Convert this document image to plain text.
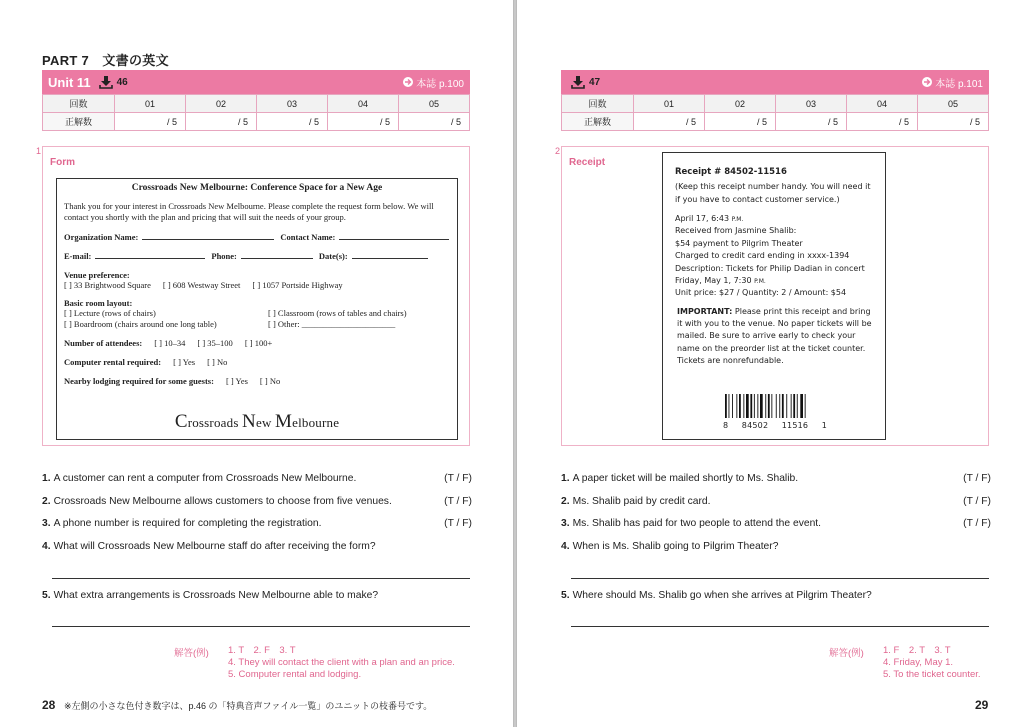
PART 7　文書の英文
Unit 11	46	本誌 p.100
回数	01	02	03	04	05
正解数	/ 5	/ 5	/ 5	/ 5	/ 5
1
Form
Crossroads New Melbourne: Conference Space for a New Age

Thank you for your interest in Crossroads New Melbourne. Please complete the request form below. We will contact you shortly with the plan and pricing that will suit the needs of your group.

Organization Name:	Contact Name:
E-mail:	Phone:	Date(s):
Venue preference:
[ ] 33 Brightwood Square [ ] 608 Westway Street [ ] 1057 Portside Highway
Basic room layout:
[ ] Lecture (rows of chairs)	[ ] Classroom (rows of tables and chairs)
[ ] Boardroom (chairs around one long table)	[ ] Other: ______________________
Number of attendees: [ ] 10–34 [ ] 35–100 [ ] 100+
Computer rental required: [ ] Yes [ ] No
Nearby lodging required for some guests: [ ] Yes [ ] No
Crossroads New Melbourne
1. A customer can rent a computer from Crossroads New Melbourne.	(T / F)
2. Crossroads New Melbourne allows customers to choose from five venues.	(T / F)
3. A phone number is required for completing the registration.	(T / F)
4. What will Crossroads New Melbourne staff do after receiving the form?
5. What extra arrangements is Crossroads New Melbourne able to make?
解答(例) 1. T　2. F　3. T
4. They will contact the client with a plan and an price.
5. Computer rental and lodging.
28 ※左側の小さな色付き数字は、p.46 の「特典音声ファイル一覧」のユニットの枝番号です。
47	本誌 p.101
回数	01	02	03	04	05
正解数	/ 5	/ 5	/ 5	/ 5	/ 5
2
Receipt
Receipt # 84502-11516
(Keep this receipt number handy. You will need it if you have to contact customer service.)
April 17, 6:43 P.M.
Received from Jasmine Shalib:
$54 payment to Pilgrim Theater
Charged to credit card ending in xxxx-1394
Description: Tickets for Philip Dadian in concert
Friday, May 1, 7:30 P.M.
Unit price: $27 / Quantity: 2 / Amount: $54
IMPORTANT: Please print this receipt and bring it with you to the venue. No paper tickets will be mailed. Be sure to arrive early to check your name on the preorder list at the ticket counter. Tickets are nonrefundable.
8 84502 11516 1
1. A paper ticket will be mailed shortly to Ms. Shalib.	(T / F)
2. Ms. Shalib paid by credit card.	(T / F)
3. Ms. Shalib has paid for two people to attend the event.	(T / F)
4. When is Ms. Shalib going to Pilgrim Theater?
5. Where should Ms. Shalib go when she arrives at Pilgrim Theater?
解答(例) 1. F　2. T　3. T
4. Friday, May 1.
5. To the ticket counter.
29
